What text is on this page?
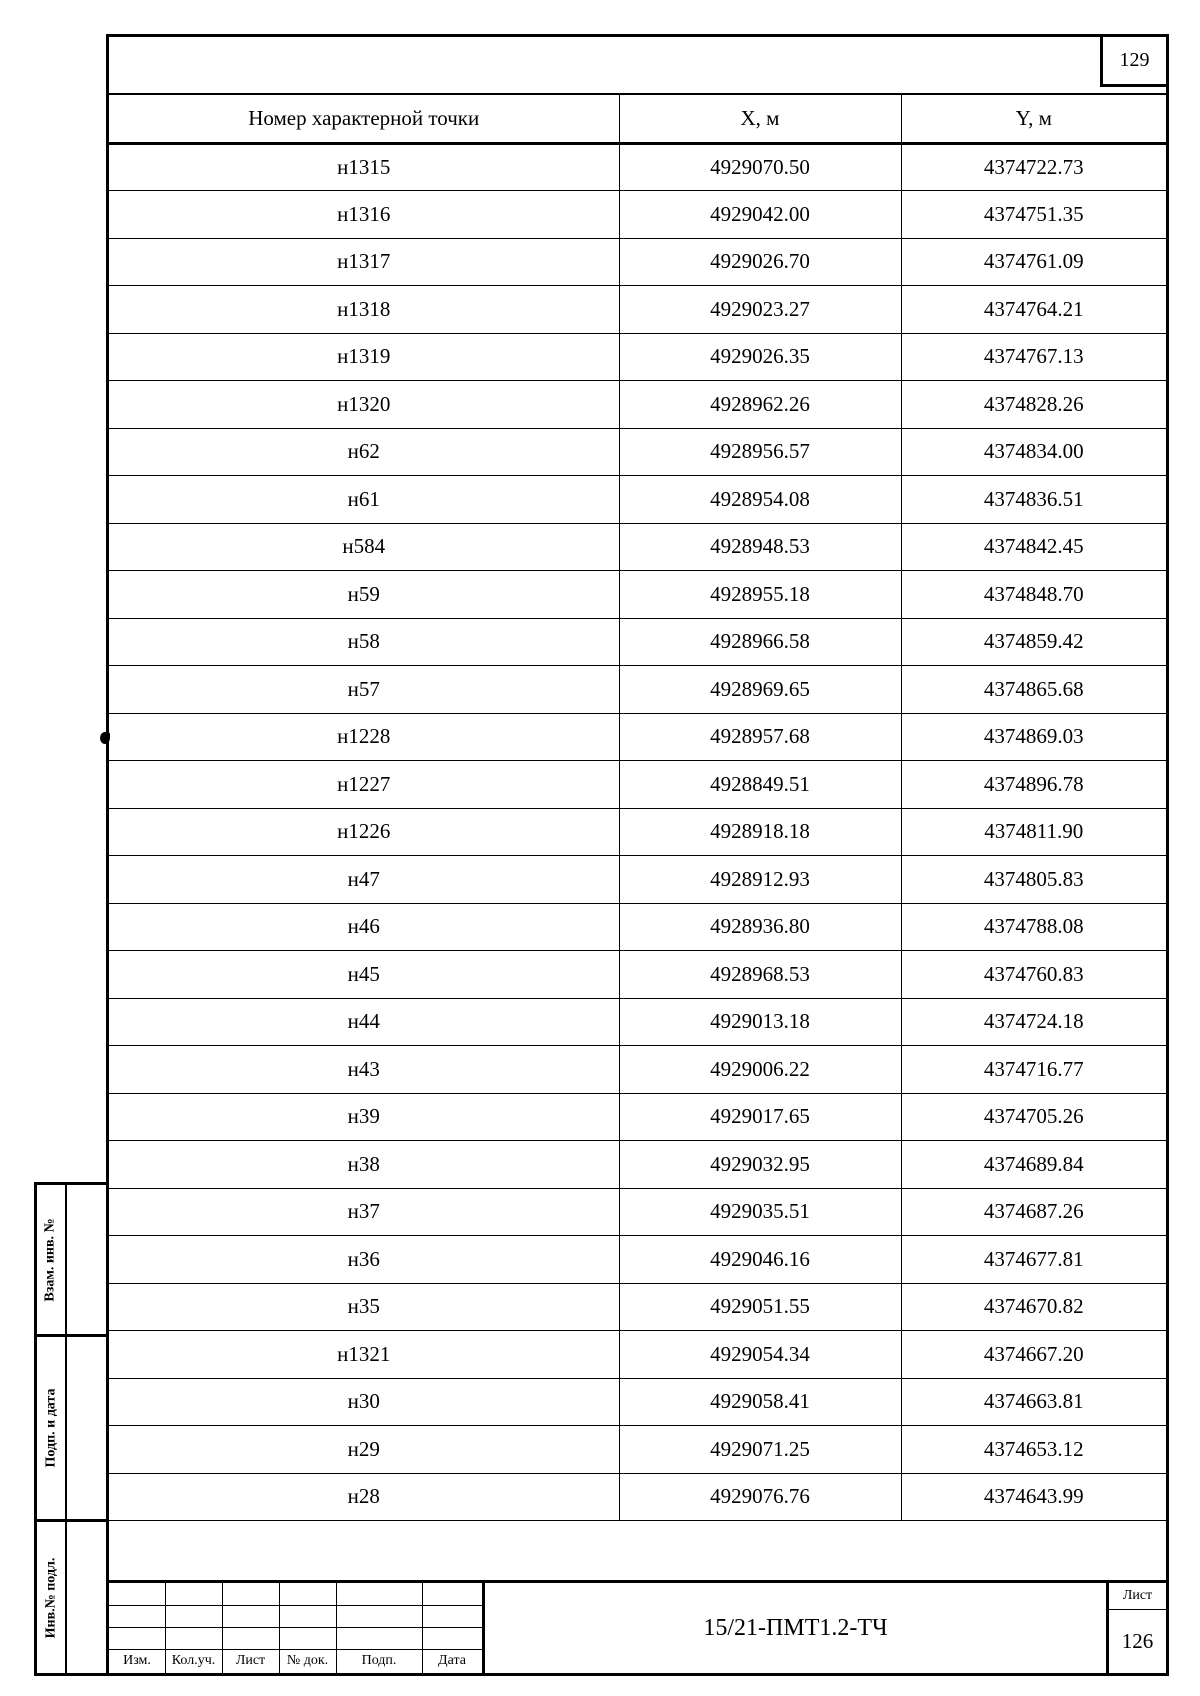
129
Номер характерной точки	X, м	Y, м
н1315	4929070.50	4374722.73
н1316	4929042.00	4374751.35
н1317	4929026.70	4374761.09
н1318	4929023.27	4374764.21
н1319	4929026.35	4374767.13
н1320	4928962.26	4374828.26
н62	4928956.57	4374834.00
н61	4928954.08	4374836.51
н584	4928948.53	4374842.45
н59	4928955.18	4374848.70
н58	4928966.58	4374859.42
н57	4928969.65	4374865.68
н1228	4928957.68	4374869.03
н1227	4928849.51	4374896.78
н1226	4928918.18	4374811.90
н47	4928912.93	4374805.83
н46	4928936.80	4374788.08
н45	4928968.53	4374760.83
н44	4929013.18	4374724.18
н43	4929006.22	4374716.77
н39	4929017.65	4374705.26
н38	4929032.95	4374689.84
н37	4929035.51	4374687.26
н36	4929046.16	4374677.81
н35	4929051.55	4374670.82
н1321	4929054.34	4374667.20
н30	4929058.41	4374663.81
н29	4929071.25	4374653.12
н28	4929076.76	4374643.99
Изм.	Кол.уч.	Лист	№ док.	Подп.	Дата
15/21-ПМТ1.2-ТЧ
Лист
126
Взам. инв. №
Подп. и дата
Инв.№ подл.
